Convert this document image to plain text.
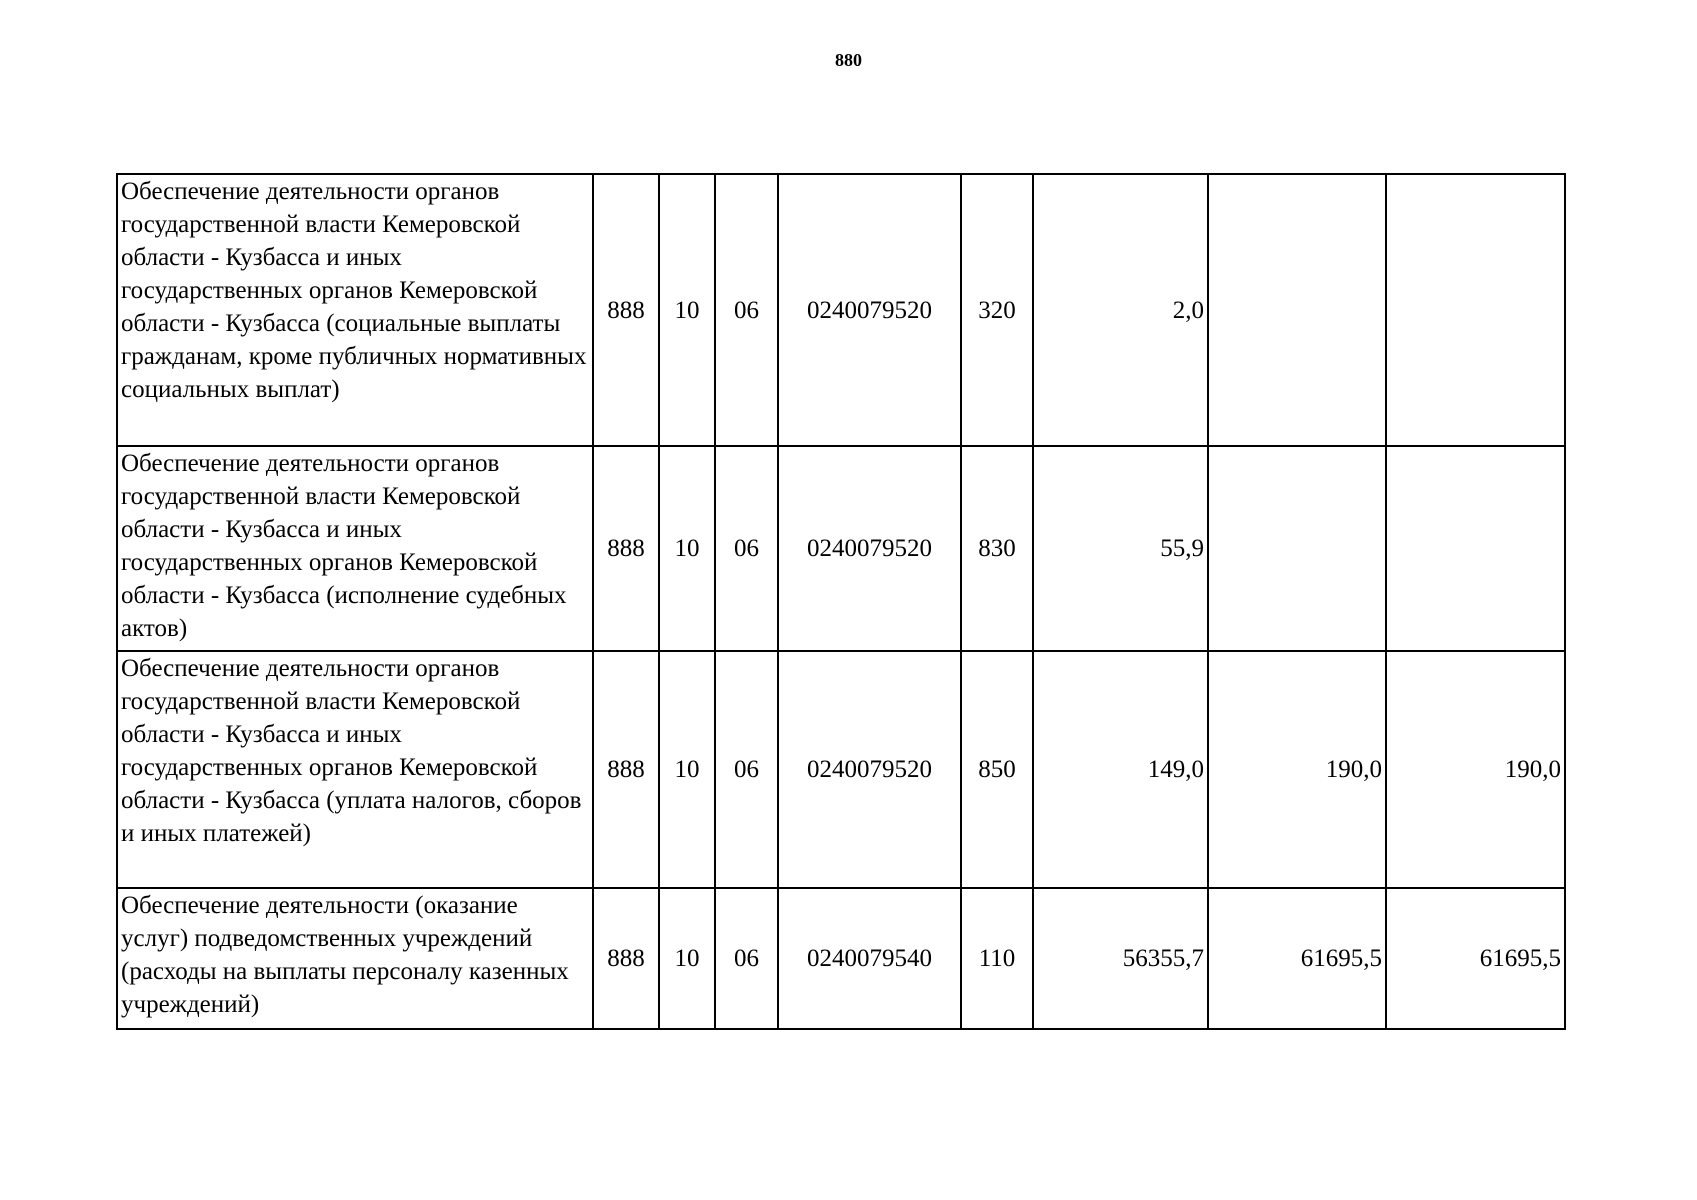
880
Обеспечение деятельности органов государственной власти Кемеровской области - Кузбасса и иных государственных органов Кемеровской области - Кузбасса (социальные выплаты гражданам, кроме публичных нормативных социальных выплат)	888	10	06	0240079520	320	2,0		
Обеспечение деятельности органов государственной власти Кемеровской области - Кузбасса и иных государственных органов Кемеровской области - Кузбасса (исполнение судебных актов)	888	10	06	0240079520	830	55,9		
Обеспечение деятельности органов государственной власти Кемеровской области - Кузбасса и иных государственных органов Кемеровской области - Кузбасса (уплата налогов, сборов и иных платежей)	888	10	06	0240079520	850	149,0	190,0	190,0
Обеспечение деятельности (оказание услуг) подведомственных учреждений (расходы на выплаты персоналу казенных учреждений)	888	10	06	0240079540	110	56355,7	61695,5	61695,5
